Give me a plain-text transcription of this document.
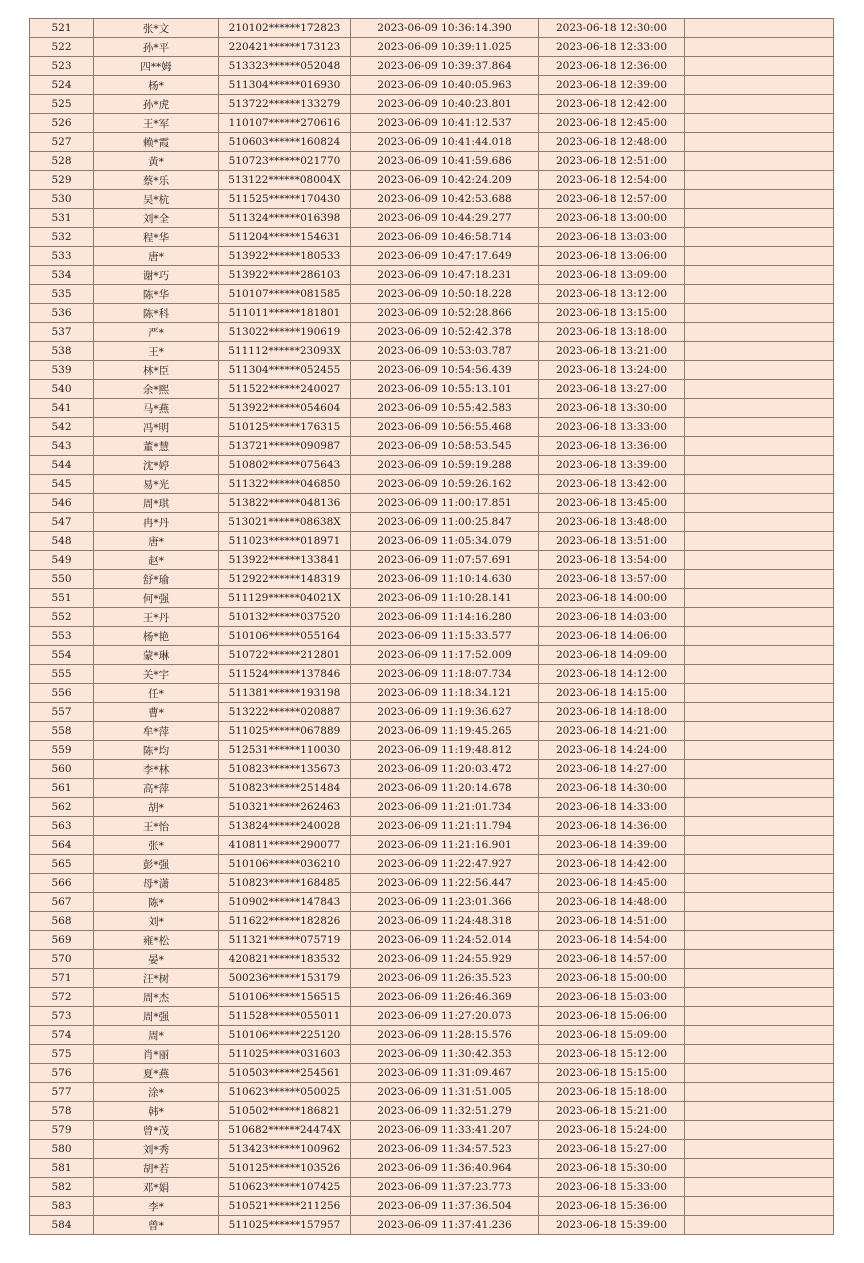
521	张*文	210102******172823	2023-06-09 10:36:14.390	2023-06-18 12:30:00	
522	孙*平	220421******173123	2023-06-09 10:39:11.025	2023-06-18 12:33:00	
523	四**姆	513323******052048	2023-06-09 10:39:37.864	2023-06-18 12:36:00	
524	杨*	511304******016930	2023-06-09 10:40:05.963	2023-06-18 12:39:00	
525	孙*虎	513722******133279	2023-06-09 10:40:23.801	2023-06-18 12:42:00	
526	王*军	110107******270616	2023-06-09 10:41:12.537	2023-06-18 12:45:00	
527	赖*霞	510603******160824	2023-06-09 10:41:44.018	2023-06-18 12:48:00	
528	黄*	510723******021770	2023-06-09 10:41:59.686	2023-06-18 12:51:00	
529	蔡*乐	513122******08004X	2023-06-09 10:42:24.209	2023-06-18 12:54:00	
530	吴*杭	511525******170430	2023-06-09 10:42:53.688	2023-06-18 12:57:00	
531	刘*全	511324******016398	2023-06-09 10:44:29.277	2023-06-18 13:00:00	
532	程*华	511204******154631	2023-06-09 10:46:58.714	2023-06-18 13:03:00	
533	唐*	513922******180533	2023-06-09 10:47:17.649	2023-06-18 13:06:00	
534	谢*巧	513922******286103	2023-06-09 10:47:18.231	2023-06-18 13:09:00	
535	陈*华	510107******081585	2023-06-09 10:50:18.228	2023-06-18 13:12:00	
536	陈*科	511011******181801	2023-06-09 10:52:28.866	2023-06-18 13:15:00	
537	严*	513022******190619	2023-06-09 10:52:42.378	2023-06-18 13:18:00	
538	王*	511112******23093X	2023-06-09 10:53:03.787	2023-06-18 13:21:00	
539	林*臣	511304******052455	2023-06-09 10:54:56.439	2023-06-18 13:24:00	
540	余*熙	511522******240027	2023-06-09 10:55:13.101	2023-06-18 13:27:00	
541	马*燕	513922******054604	2023-06-09 10:55:42.583	2023-06-18 13:30:00	
542	冯*明	510125******176315	2023-06-09 10:56:55.468	2023-06-18 13:33:00	
543	董*慧	513721******090987	2023-06-09 10:58:53.545	2023-06-18 13:36:00	
544	沈*婷	510802******075643	2023-06-09 10:59:19.288	2023-06-18 13:39:00	
545	易*光	511322******046850	2023-06-09 10:59:26.162	2023-06-18 13:42:00	
546	周*琪	513822******048136	2023-06-09 11:00:17.851	2023-06-18 13:45:00	
547	冉*丹	513021******08638X	2023-06-09 11:00:25.847	2023-06-18 13:48:00	
548	唐*	511023******018971	2023-06-09 11:05:34.079	2023-06-18 13:51:00	
549	赵*	513922******133841	2023-06-09 11:07:57.691	2023-06-18 13:54:00	
550	舒*瑜	512922******148319	2023-06-09 11:10:14.630	2023-06-18 13:57:00	
551	何*强	511129******04021X	2023-06-09 11:10:28.141	2023-06-18 14:00:00	
552	王*丹	510132******037520	2023-06-09 11:14:16.280	2023-06-18 14:03:00	
553	杨*艳	510106******055164	2023-06-09 11:15:33.577	2023-06-18 14:06:00	
554	蒙*琳	510722******212801	2023-06-09 11:17:52.009	2023-06-18 14:09:00	
555	关*宇	511524******137846	2023-06-09 11:18:07.734	2023-06-18 14:12:00	
556	任*	511381******193198	2023-06-09 11:18:34.121	2023-06-18 14:15:00	
557	曹*	513222******020887	2023-06-09 11:19:36.627	2023-06-18 14:18:00	
558	牟*萍	511025******067889	2023-06-09 11:19:45.265	2023-06-18 14:21:00	
559	陈*均	512531******110030	2023-06-09 11:19:48.812	2023-06-18 14:24:00	
560	李*林	510823******135673	2023-06-09 11:20:03.472	2023-06-18 14:27:00	
561	高*萍	510823******251484	2023-06-09 11:20:14.678	2023-06-18 14:30:00	
562	胡*	510321******262463	2023-06-09 11:21:01.734	2023-06-18 14:33:00	
563	王*怡	513824******240028	2023-06-09 11:21:11.794	2023-06-18 14:36:00	
564	张*	410811******290077	2023-06-09 11:21:16.901	2023-06-18 14:39:00	
565	彭*强	510106******036210	2023-06-09 11:22:47.927	2023-06-18 14:42:00	
566	母*潇	510823******168485	2023-06-09 11:22:56.447	2023-06-18 14:45:00	
567	陈*	510902******147843	2023-06-09 11:23:01.366	2023-06-18 14:48:00	
568	刘*	511622******182826	2023-06-09 11:24:48.318	2023-06-18 14:51:00	
569	雍*松	511321******075719	2023-06-09 11:24:52.014	2023-06-18 14:54:00	
570	晏*	420821******183532	2023-06-09 11:24:55.929	2023-06-18 14:57:00	
571	汪*树	500236******153179	2023-06-09 11:26:35.523	2023-06-18 15:00:00	
572	周*杰	510106******156515	2023-06-09 11:26:46.369	2023-06-18 15:03:00	
573	周*强	511528******055011	2023-06-09 11:27:20.073	2023-06-18 15:06:00	
574	周*	510106******225120	2023-06-09 11:28:15.576	2023-06-18 15:09:00	
575	肖*丽	511025******031603	2023-06-09 11:30:42.353	2023-06-18 15:12:00	
576	夏*燕	510503******254561	2023-06-09 11:31:09.467	2023-06-18 15:15:00	
577	涂*	510623******050025	2023-06-09 11:31:51.005	2023-06-18 15:18:00	
578	韩*	510502******186821	2023-06-09 11:32:51.279	2023-06-18 15:21:00	
579	曾*茂	510682******24474X	2023-06-09 11:33:41.207	2023-06-18 15:24:00	
580	刘*秀	513423******100962	2023-06-09 11:34:57.523	2023-06-18 15:27:00	
581	胡*若	510125******103526	2023-06-09 11:36:40.964	2023-06-18 15:30:00	
582	邓*娟	510623******107425	2023-06-09 11:37:23.773	2023-06-18 15:33:00	
583	李*	510521******211256	2023-06-09 11:37:36.504	2023-06-18 15:36:00	
584	曾*	511025******157957	2023-06-09 11:37:41.236	2023-06-18 15:39:00	
